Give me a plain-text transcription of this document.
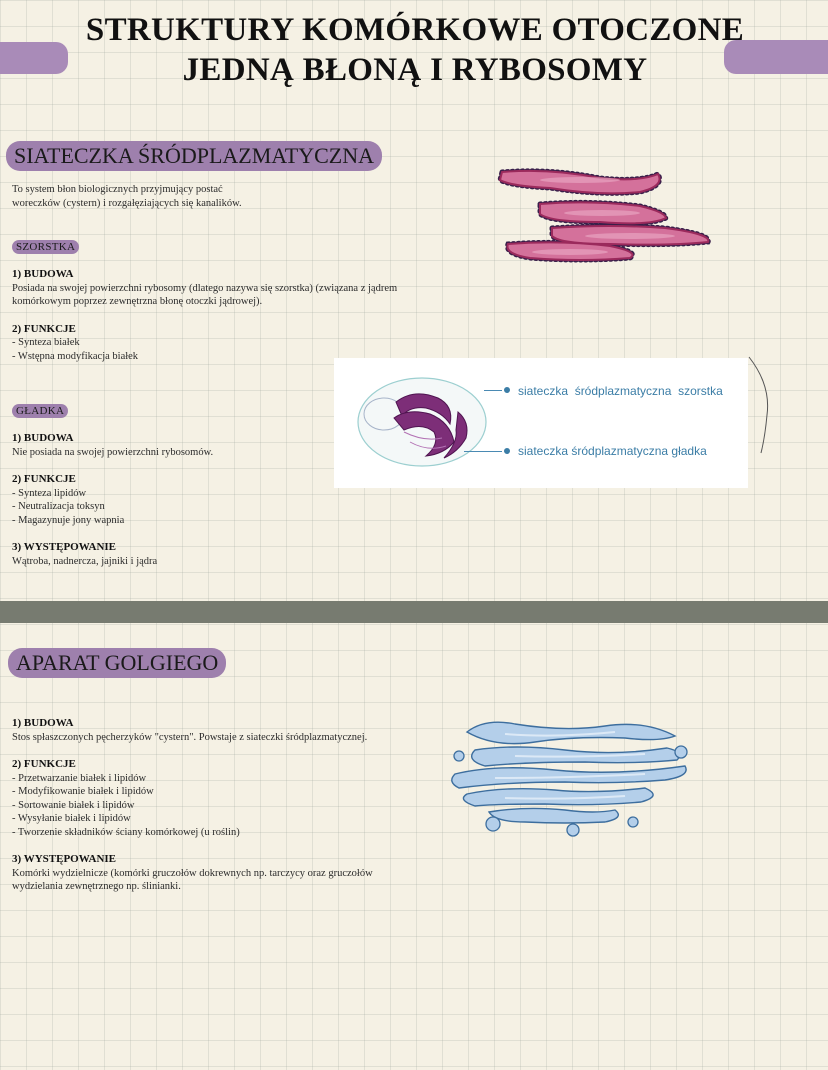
STRUKTURY KOMÓRKOWE OTOCZONE
JEDNĄ BŁONĄ I RYBOSOMY
SIATECZKA ŚRÓDPLAZMATYCZNA
To system błon biologicznych przyjmujący postać
woreczków (cystern) i rozgałęziających się kanalików.
SZORSTKA
1) BUDOWA
Posiada na swojej powierzchni rybosomy (dlatego nazywa się szorstka) (związana z jądrem
komórkowym poprzez zewnętrzna błonę otoczki jądrowej).
2) FUNKCJE
- Synteza białek
- Wstępna modyfikacja białek
GŁADKA
1) BUDOWA
Nie posiada na swojej powierzchni rybosomów.
2) FUNKCJE
- Synteza lipidów
- Neutralizacja toksyn
- Magazynuje jony wapnia
3) WYSTĘPOWANIE
Wątroba, nadnercza, jajniki i jądra
siateczka  śródplazmatyczna  szorstka
siateczka śródplazmatyczna gładka
APARAT GOLGIEGO
1) BUDOWA
Stos spłaszczonych pęcherzyków "cystern". Powstaje z siateczki śródplazmatycznej.
2) FUNKCJE
- Przetwarzanie białek i lipidów
- Modyfikowanie białek i lipidów
- Sortowanie białek i lipidów
- Wysyłanie białek i lipidów
- Tworzenie składników ściany komórkowej (u roślin)
3) WYSTĘPOWANIE
Komórki wydzielnicze (komórki gruczołów dokrewnych np. tarczycy oraz gruczołów
wydzielania zewnętrznego np. ślinianki.
